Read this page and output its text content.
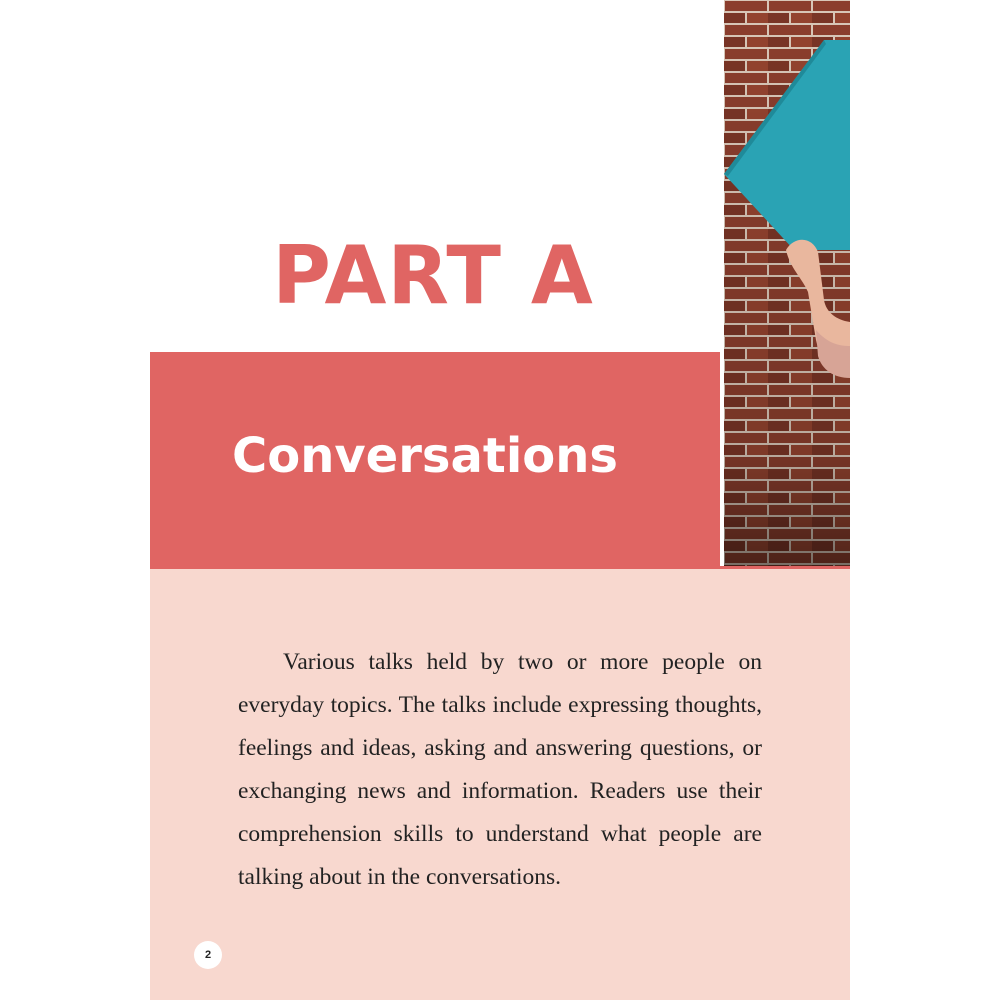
PART A
Conversations
Various talks held by two or more people on everyday topics. The talks include expressing thoughts, feelings and ideas, asking and answering questions, or exchanging news and information. Readers use their comprehension skills to understand what people are talking about in the conversations.
2
